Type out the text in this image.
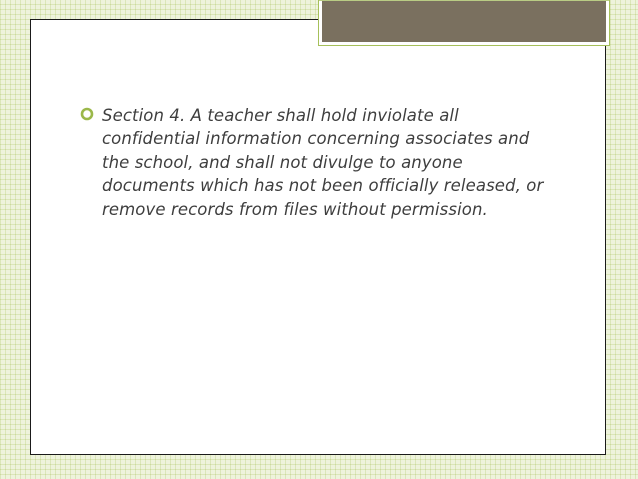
Section 4. A teacher shall hold inviolate all confidential information concerning associates and the school, and shall not divulge to anyone documents which has not been officially released, or remove records from files without permission.
